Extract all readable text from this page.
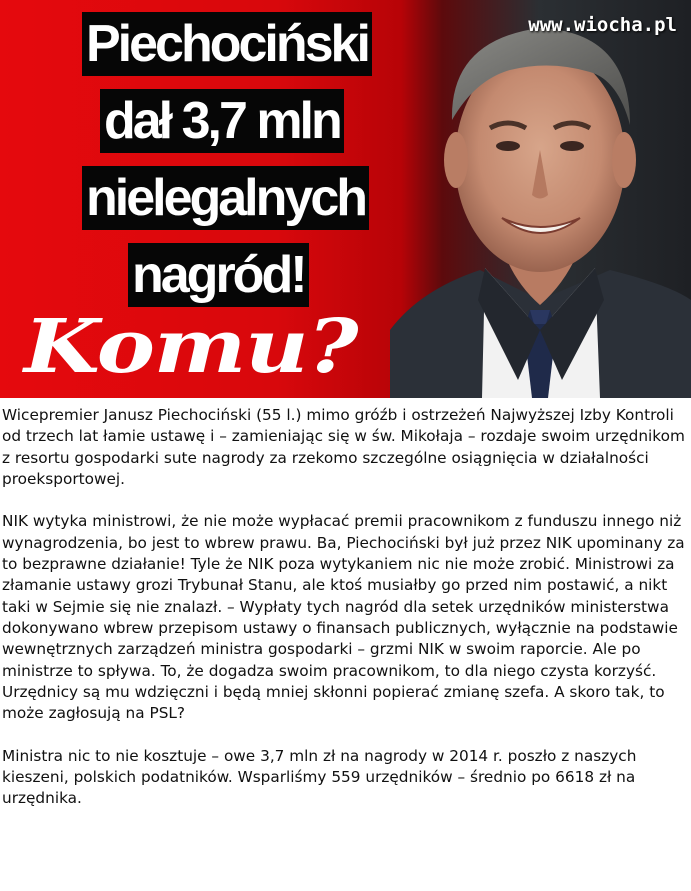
Piechociński
dał 3,7 mln
nielegalnych
nagród!
Komu?
www.wiocha.pl

Wicepremier Janusz Piechociński (55 l.) mimo gróźb i ostrzeżeń Najwyższej Izby Kontroli od trzech lat łamie ustawę i – zamieniając się w św. Mikołaja – rozdaje swoim urzędnikom z resortu gospodarki sute nagrody za rzekomo szczególne osiągnięcia w działalności proeksportowej.

NIK wytyka ministrowi, że nie może wypłacać premii pracownikom z funduszu innego niż wynagrodzenia, bo jest to wbrew prawu. Ba, Piechociński był już przez NIK upominany za to bezprawne działanie! Tyle że NIK poza wytykaniem nic nie może zrobić. Ministrowi za złamanie ustawy grozi Trybunał Stanu, ale ktoś musiałby go przed nim postawić, a nikt taki w Sejmie się nie znalazł. – Wypłaty tych nagród dla setek urzędników ministerstwa dokonywano wbrew przepisom ustawy o finansach publicznych, wyłącznie na podstawie wewnętrznych zarządzeń ministra gospodarki – grzmi NIK w swoim raporcie. Ale po ministrze to spływa. To, że dogadza swoim pracownikom, to dla niego czysta korzyść. Urzędnicy są mu wdzięczni i będą mniej skłonni popierać zmianę szefa. A skoro tak, to może zagłosują na PSL?

Ministra nic to nie kosztuje – owe 3,7 mln zł na nagrody w 2014 r. poszło z naszych kieszeni, polskich podatników. Wsparliśmy 559 urzędników – średnio po 6618 zł na urzędnika.
